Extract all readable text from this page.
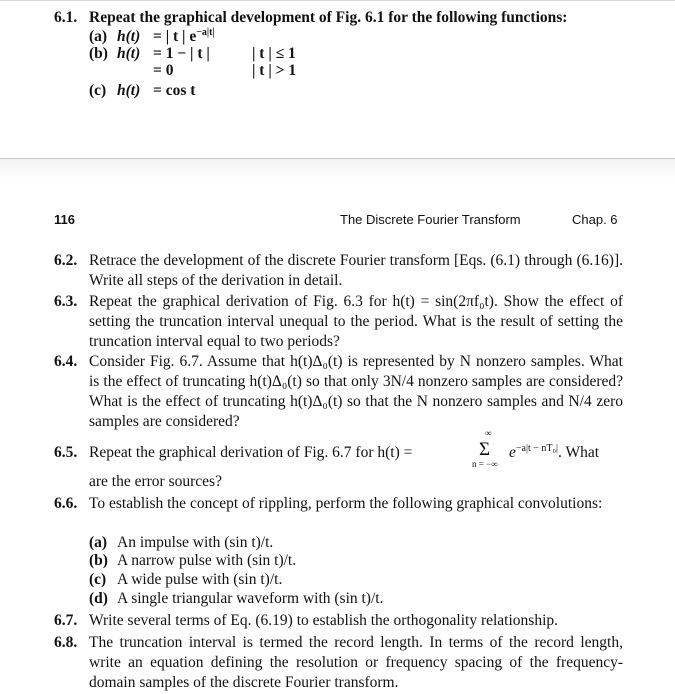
6.1. Repeat the graphical development of Fig. 6.1 for the following functions:
(a) h(t) = | t | $e^{-a|t|}$
(b) h(t) = 1 − | t |	| t | ≤ 1
= 0	| t | > 1
(c) h(t) = cos t
116	The Discrete Fourier Transform	Chap. 6
6.2. Retrace the development of the discrete Fourier transform [Eqs. (6.1) through (6.16)]. Write all steps of the derivation in detail.
6.3. Repeat the graphical derivation of Fig. 6.3 for h(t) = sin(2πf₀t). Show the effect of setting the truncation interval unequal to the period. What is the result of setting the truncation interval equal to two periods?
6.4. Consider Fig. 6.7. Assume that h(t)Δ₀(t) is represented by N nonzero samples. What is the effect of truncating h(t)Δ₀(t) so that only 3N/4 nonzero samples are considered? What is the effect of truncating h(t)Δ₀(t) so that the N nonzero samples and N/4 zero samples are considered?
6.5. Repeat the graphical derivation of Fig. 6.7 for h(t) =
∞
Σ
n = −∞
$e^{-a|t - nT_0|}$. What
are the error sources?
6.6. To establish the concept of rippling, perform the following graphical convolutions:
(a) An impulse with (sin t)/t.
(b) A narrow pulse with (sin t)/t.
(c) A wide pulse with (sin t)/t.
(d) A single triangular waveform with (sin t)/t.
6.7. Write several terms of Eq. (6.19) to establish the orthogonality relationship.
6.8. The truncation interval is termed the record length. In terms of the record length, write an equation defining the resolution or frequency spacing of the frequency-domain samples of the discrete Fourier transform.
